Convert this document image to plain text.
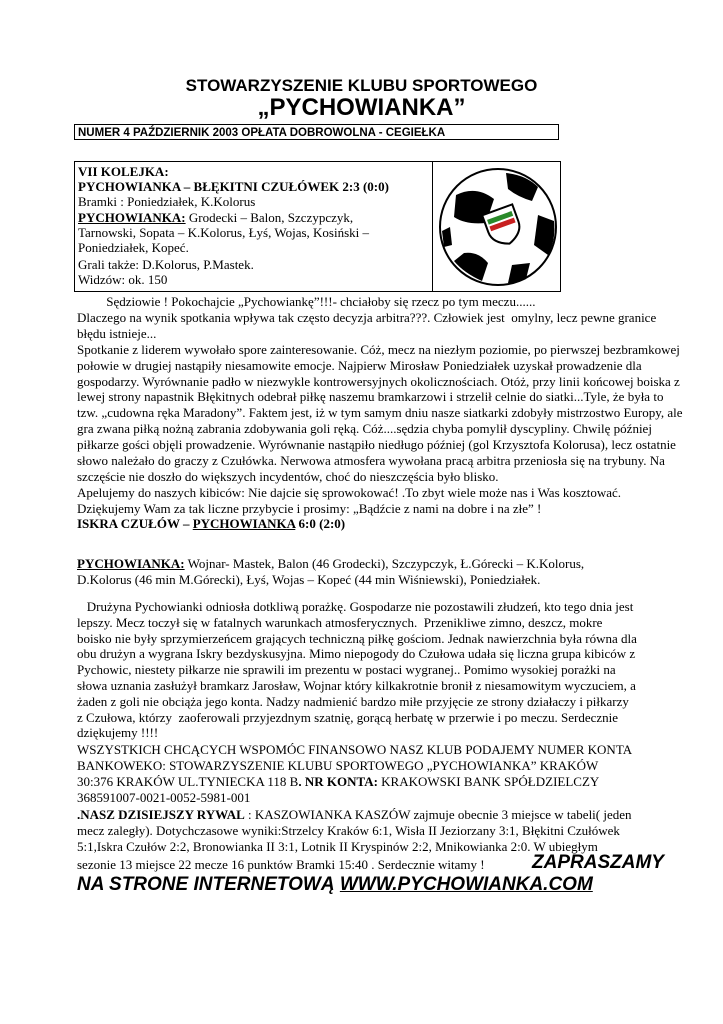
STOWARZYSZENIE KLUBU SPORTOWEGO
„PYCHOWIANKA”
NUMER 4 PAŹDZIERNIK 2003 OPŁATA DOBROWOLNA - CEGIEŁKA
VII KOLEJKA:
PYCHOWIANKA – BŁĘKITNI CZUŁÓWEK 2:3 (0:0)
Bramki : Poniedziałek, K.Kolorus
PYCHOWIANKA: Grodecki – Balon, Szczypczyk,
Tarnowski, Sopata – K.Kolorus, Łyś, Wojas, Kosiński –
Poniedziałek, Kopeć.
Grali także: D.Kolorus, P.Mastek.
Widzów: ok. 150
Sędziowie ! Pokochajcie „Pychowiankę”!!!- chciałoby się rzecz po tym meczu......
Dlaczego na wynik spotkania wpływa tak często decyzja arbitra???. Człowiek jest  omylny, lecz pewne granice
błędu istnieje...
Spotkanie z liderem wywołało spore zainteresowanie. Cóż, mecz na niezłym poziomie, po pierwszej bezbramkowej
połowie w drugiej nastąpiły niesamowite emocje. Najpierw Mirosław Poniedziałek uzyskał prowadzenie dla
gospodarzy. Wyrównanie padło w niezwykle kontrowersyjnych okolicznościach. Otóż, przy linii końcowej boiska z
lewej strony napastnik Błękitnych odebrał piłkę naszemu bramkarzowi i strzelił celnie do siatki...Tyle, że była to
tzw. „cudowna ręka Maradony”. Faktem jest, iż w tym samym dniu nasze siatkarki zdobyły mistrzostwo Europy, ale
gra zwana piłką nożną zabrania zdobywania goli ręką. Cóż....sędzia chyba pomylił dyscypliny. Chwilę później
piłkarze gości objęli prowadzenie. Wyrównanie nastąpiło niedługo później (gol Krzysztofa Kolorusa), lecz ostatnie
słowo należało do graczy z Czułówka. Nerwowa atmosfera wywołana pracą arbitra przeniosła się na trybuny. Na
szczęście nie doszło do większych incydentów, choć do nieszczęścia było blisko.
Apelujemy do naszych kibiców: Nie dajcie się sprowokować! .To zbyt wiele może nas i Was kosztować.
Dziękujemy Wam za tak liczne przybycie i prosimy: „Bądźcie z nami na dobre i na złe” !
ISKRA CZUŁÓW – PYCHOWIANKA 6:0 (2:0)
PYCHOWIANKA: Wojnar- Mastek, Balon (46 Grodecki), Szczypczyk, Ł.Górecki – K.Kolorus,
D.Kolorus (46 min M.Górecki), Łyś, Wojas – Kopeć (44 min Wiśniewski), Poniedziałek.
Drużyna Pychowianki odniosła dotkliwą porażkę. Gospodarze nie pozostawili złudzeń, kto tego dnia jest
lepszy. Mecz toczył się w fatalnych warunkach atmosferycznych.  Przenikliwe zimno, deszcz, mokre
boisko nie były sprzymierzeńcem grających techniczną piłkę gościom. Jednak nawierzchnia była równa dla
obu drużyn a wygrana Iskry bezdyskusyjna. Mimo niepogody do Czułowa udała się liczna grupa kibiców z
Pychowic, niestety piłkarze nie sprawili im prezentu w postaci wygranej.. Pomimo wysokiej porażki na
słowa uznania zasłużył bramkarz Jarosław, Wojnar który kilkakrotnie bronił z niesamowitym wyczuciem, a
żaden z goli nie obciąża jego konta. Nadzy nadmienić bardzo miłe przyjęcie ze strony działaczy i piłkarzy
z Czułowa, którzy  zaoferowali przyjezdnym szatnię, gorącą herbatę w przerwie i po meczu. Serdecznie
dziękujemy !!!!
WSZYSTKICH CHCĄCYCH WSPOMÓC FINANSOWO NASZ KLUB PODAJEMY NUMER KONTA
BANKOWEKO: STOWARZYSZENIE KLUBU SPORTOWEGO „PYCHOWIANKA” KRAKÓW
30:376 KRAKÓW UL.TYNIECKA 118 B. NR KONTA: KRAKOWSKI BANK SPÓŁDZIELCZY
368591007-0021-0052-5981-001
.NASZ DZISIEJSZY RYWAL : KASZOWIANKA KASZÓW zajmuje obecnie 3 miejsce w tabeli( jeden
mecz zaległy). Dotychczasowe wyniki:Strzelcy Kraków 6:1, Wisła II Jeziorzany 3:1, Błękitni Czułówek
5:1,Iskra Czułów 2:2, Bronowianka II 3:1, Lotnik II Kryspinów 2:2, Mnikowianka 2:0. W ubiegłym
sezonie 13 miejsce 22 mecze 16 punktów Bramki 15:40 . Serdecznie witamy ! ZAPRASZAMY
NA STRONE INTERNETOWĄ WWW.PYCHOWIANKA.COM
